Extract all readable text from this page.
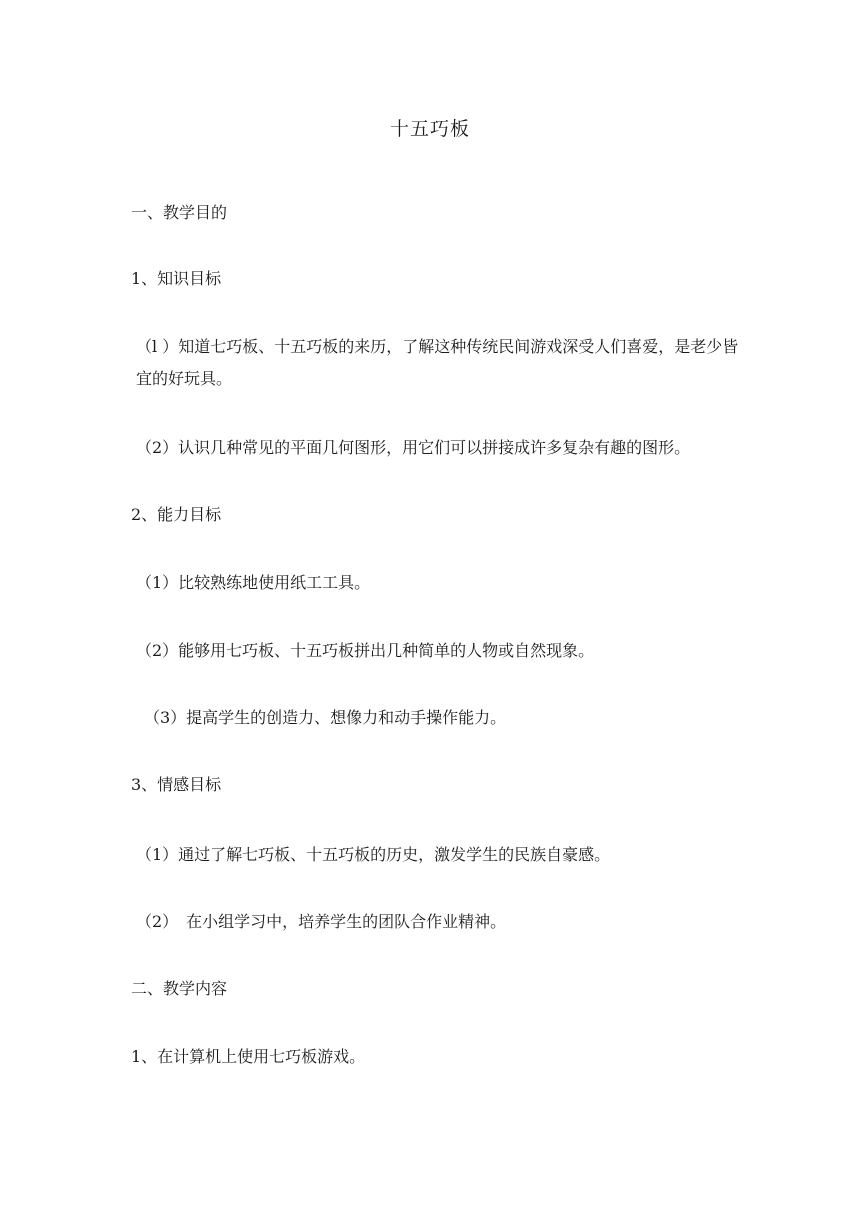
十五巧板

一、教学目的

1、知识目标

（l ）知道七巧板、十五巧板的来历，了解这种传统民间游戏深受人们喜爱，是老少皆宜的好玩具。

（2）认识几种常见的平面几何图形，用它们可以拼接成许多复杂有趣的图形。

2、能力目标

（1）比较熟练地使用纸工工具。

（2）能够用七巧板、十五巧板拼出几种简单的人物或自然现象。

（3）提高学生的创造力、想像力和动手操作能力。

3、情感目标

（1）通过了解七巧板、十五巧板的历史，激发学生的民族自豪感。

（2）　在小组学习中，培养学生的团队合作业精神。

二、教学内容

1、在计算机上使用七巧板游戏。
